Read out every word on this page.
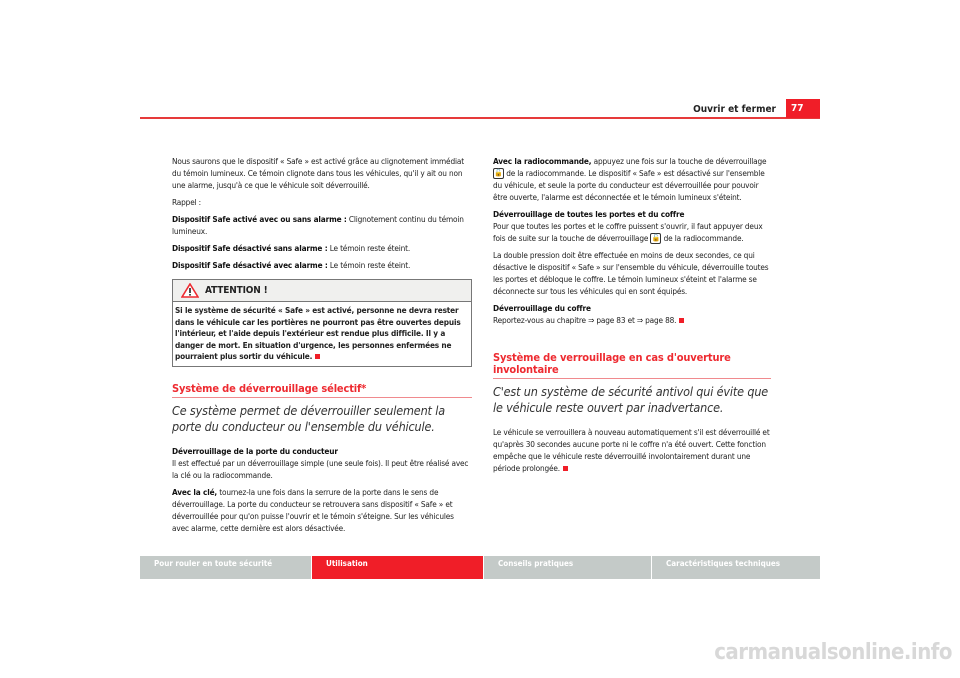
Ouvrir et fermer	77

Nous saurons que le dispositif « Safe » est activé grâce au clignotement immédiat du témoin lumineux. Ce témoin clignote dans tous les véhicules, qu'il y ait ou non une alarme, jusqu'à ce que le véhicule soit déverrouillé.

Rappel :

Dispositif Safe activé avec ou sans alarme : Clignotement continu du témoin lumineux.

Dispositif Safe désactivé sans alarme : Le témoin reste éteint.

Dispositif Safe désactivé avec alarme : Le témoin reste éteint.

ATTENTION !
Si le système de sécurité « Safe » est activé, personne ne devra rester dans le véhicule car les portières ne pourront pas être ouvertes depuis l'intérieur, et l'aide depuis l'extérieur est rendue plus difficile. Il y a danger de mort. En situation d'urgence, les personnes enfermées ne pourraient plus sortir du véhicule.
Système de déverrouillage sélectif*
Ce système permet de déverrouiller seulement la porte du conducteur ou l'ensemble du véhicule.
Déverrouillage de la porte du conducteur

Il est effectué par un déverrouillage simple (une seule fois). Il peut être réalisé avec la clé ou la radiocommande.

Avec la clé, tournez-la une fois dans la serrure de la porte dans le sens de déverrouillage. La porte du conducteur se retrouvera sans dispositif « Safe » et déverrouillée pour qu'on puisse l'ouvrir et le témoin s'éteigne. Sur les véhicules avec alarme, cette dernière est alors désactivée.

Avec la radiocommande, appuyez une fois sur la touche de déverrouillage 🔓 de la radiocommande. Le dispositif « Safe » est désactivé sur l'ensemble du véhicule, et seule la porte du conducteur est déverrouillée pour pouvoir être ouverte, l'alarme est déconnectée et le témoin lumineux s'éteint.

Déverrouillage de toutes les portes et du coffre

Pour que toutes les portes et le coffre puissent s'ouvrir, il faut appuyer deux fois de suite sur la touche de déverrouillage 🔓 de la radiocommande.

La double pression doit être effectuée en moins de deux secondes, ce qui désactive le dispositif « Safe » sur l'ensemble du véhicule, déverrouille toutes les portes et débloque le coffre. Le témoin lumineux s'éteint et l'alarme se déconnecte sur tous les véhicules qui en sont équipés.

Déverrouillage du coffre

Reportez-vous au chapitre ⇒ page 83 et ⇒ page 88.

Système de verrouillage en cas d'ouverture involontaire
C'est un système de sécurité antivol qui évite que le véhicule reste ouvert par inadvertance.

Le véhicule se verrouillera à nouveau automatiquement s'il est déverrouillé et qu'après 30 secondes aucune porte ni le coffre n'a été ouvert. Cette fonction empêche que le véhicule reste déverrouillé involontairement durant une période prolongée.

Pour rouler en toute sécurité	Utilisation	Conseils pratiques	Caractéristiques techniques
carmanualsonline.info
